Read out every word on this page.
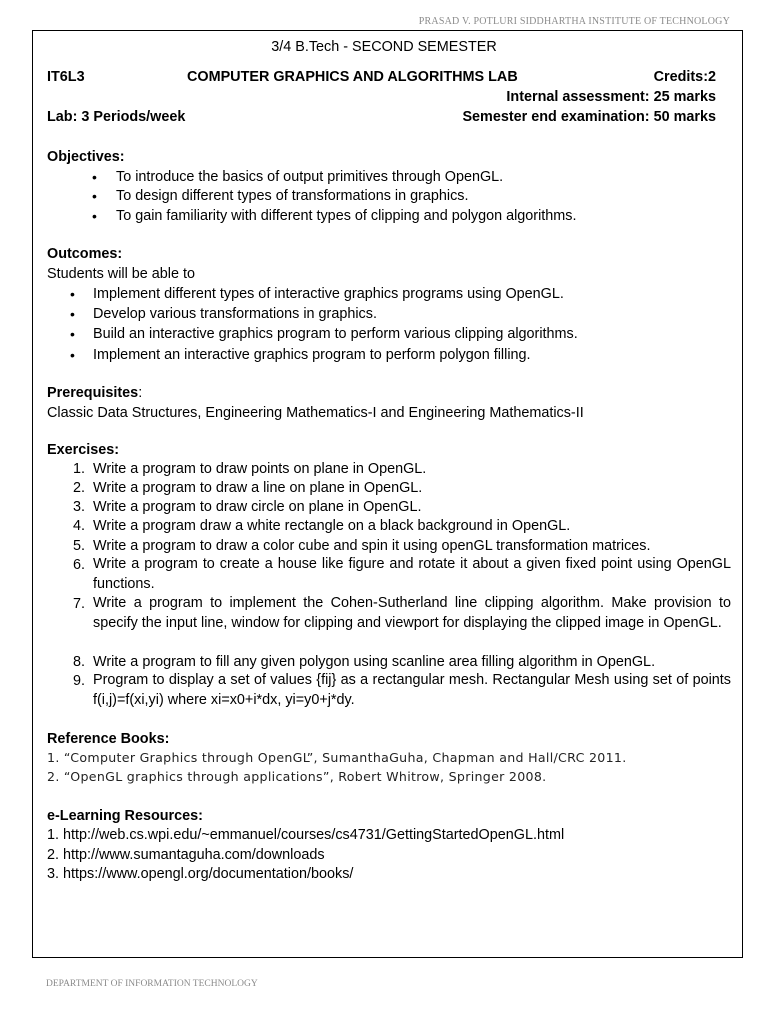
PRASAD V. POTLURI SIDDHARTHA INSTITUTE OF TECHNOLOGY
3/4 B.Tech - SECOND SEMESTER
IT6L3	COMPUTER GRAPHICS AND ALGORITHMS LAB	Credits:2
Internal assessment: 25 marks
Lab: 3 Periods/week	Semester end examination: 50 marks
Objectives:
• To introduce the basics of output primitives through OpenGL.
• To design different types of transformations in graphics.
• To gain familiarity with different types of clipping and polygon algorithms.
Outcomes:
Students will be able to
• Implement different types of interactive graphics programs using OpenGL.
• Develop various transformations in graphics.
• Build an interactive graphics program to perform various clipping algorithms.
• Implement an interactive graphics program to perform polygon filling.
Prerequisites:
Classic Data Structures, Engineering Mathematics-I and Engineering Mathematics-II
Exercises:
1. Write a program to draw points on plane in OpenGL.
2. Write a program to draw a line on plane in OpenGL.
3. Write a program to draw circle on plane in OpenGL.
4. Write a program draw a white rectangle on a black background in OpenGL.
5. Write a program to draw a color cube and spin it using openGL transformation matrices.
6. Write a program to create a house like figure and rotate it about a given fixed point using OpenGL functions.
7. Write a program to implement the Cohen-Sutherland line clipping algorithm. Make provision to specify the input line, window for clipping and viewport for displaying the clipped image in OpenGL.
8. Write a program to fill any given polygon using scanline area filling algorithm in OpenGL.
9. Program to display a set of values {fij} as a rectangular mesh. Rectangular Mesh using set of points f(i,j)=f(xi,yi) where xi=x0+i*dx, yi=y0+j*dy.
Reference Books:
1. “Computer Graphics through OpenGL”, SumanthaGuha, Chapman and Hall/CRC 2011.
2. “OpenGL graphics through applications”, Robert Whitrow, Springer 2008.
e-Learning Resources:
1. http://web.cs.wpi.edu/~emmanuel/courses/cs4731/GettingStartedOpenGL.html
2. http://www.sumantaguha.com/downloads
3. https://www.opengl.org/documentation/books/
DEPARTMENT OF INFORMATION TECHNOLOGY
